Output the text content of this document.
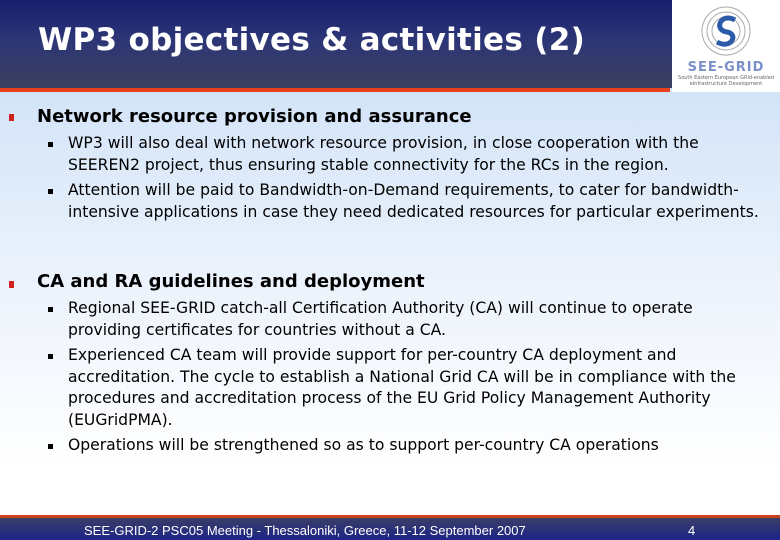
WP3 objectives & activities (2)
SEE-GRID
South Eastern European GRid-enabled eInfrastructure Development
Network resource provision and assurance
WP3 will also deal with network resource provision, in close cooperation with the SEEREN2 project, thus ensuring stable connectivity for the RCs in the region.
Attention will be paid to Bandwidth-on-Demand requirements, to cater for bandwidth-intensive applications in case they need dedicated resources for particular experiments.
CA and RA guidelines and deployment
Regional SEE-GRID catch-all Certification Authority (CA) will continue to operate providing certificates for countries without a CA.
Experienced CA team will provide support for per-country CA deployment and accreditation. The cycle to establish a National Grid CA will be in compliance with the procedures and accreditation process of the EU Grid Policy Management Authority (EUGridPMA).
Operations will be strengthened so as to support per-country CA operations
SEE-GRID-2 PSC05 Meeting - Thessaloniki, Greece, 11-12 September 2007	4
